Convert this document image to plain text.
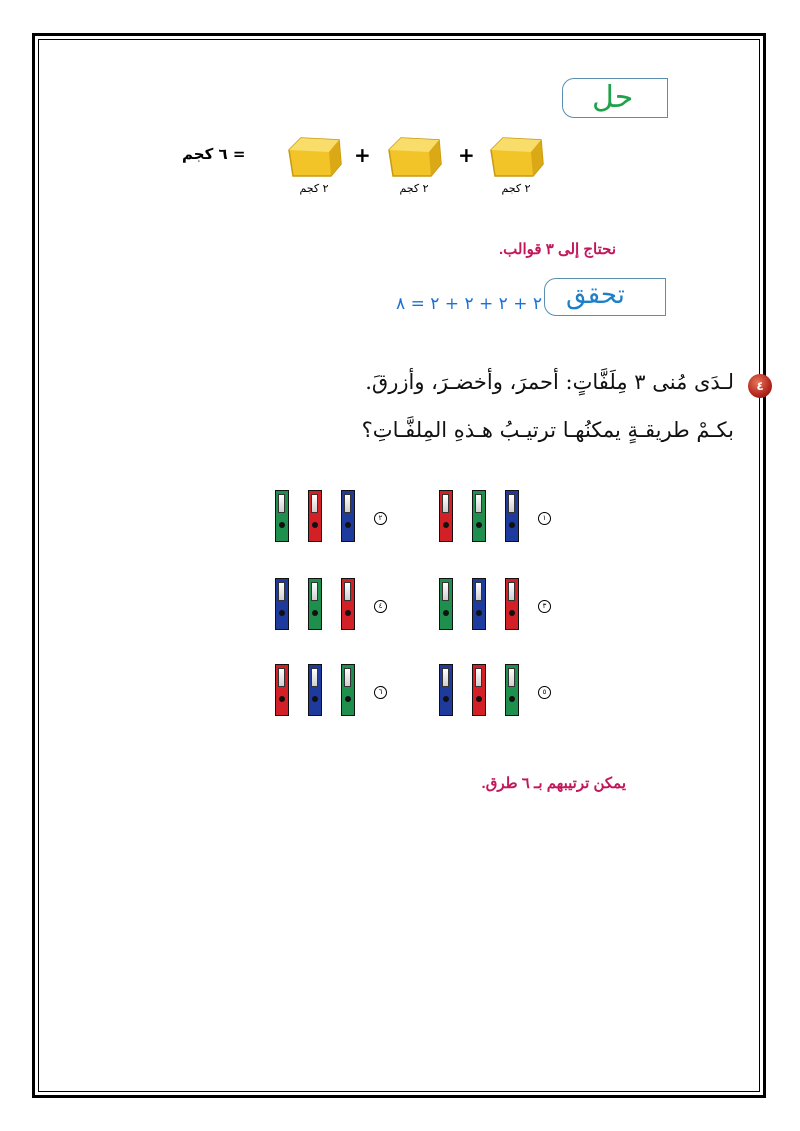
حل
+
+
= ٦ كجم
٢ كجم
٢ كجم
٢ كجم
نحتاج إلى ٣ قوالب.
تحقق
٢ + ٢ + ٢ + ٢ = ٨
٤
لـدَى مُنى ٣ مِلَفَّاتٍ: أحمرَ، وأخضـرَ، وأزرقَ.
بكـمْ طريقـةٍ يمكنُهـا ترتيـبُ هـذهِ المِلفَّـاتِ؟
١
٢
٣
٤
٥
٦
يمكن ترتيبهم بـ ٦ طرق.
